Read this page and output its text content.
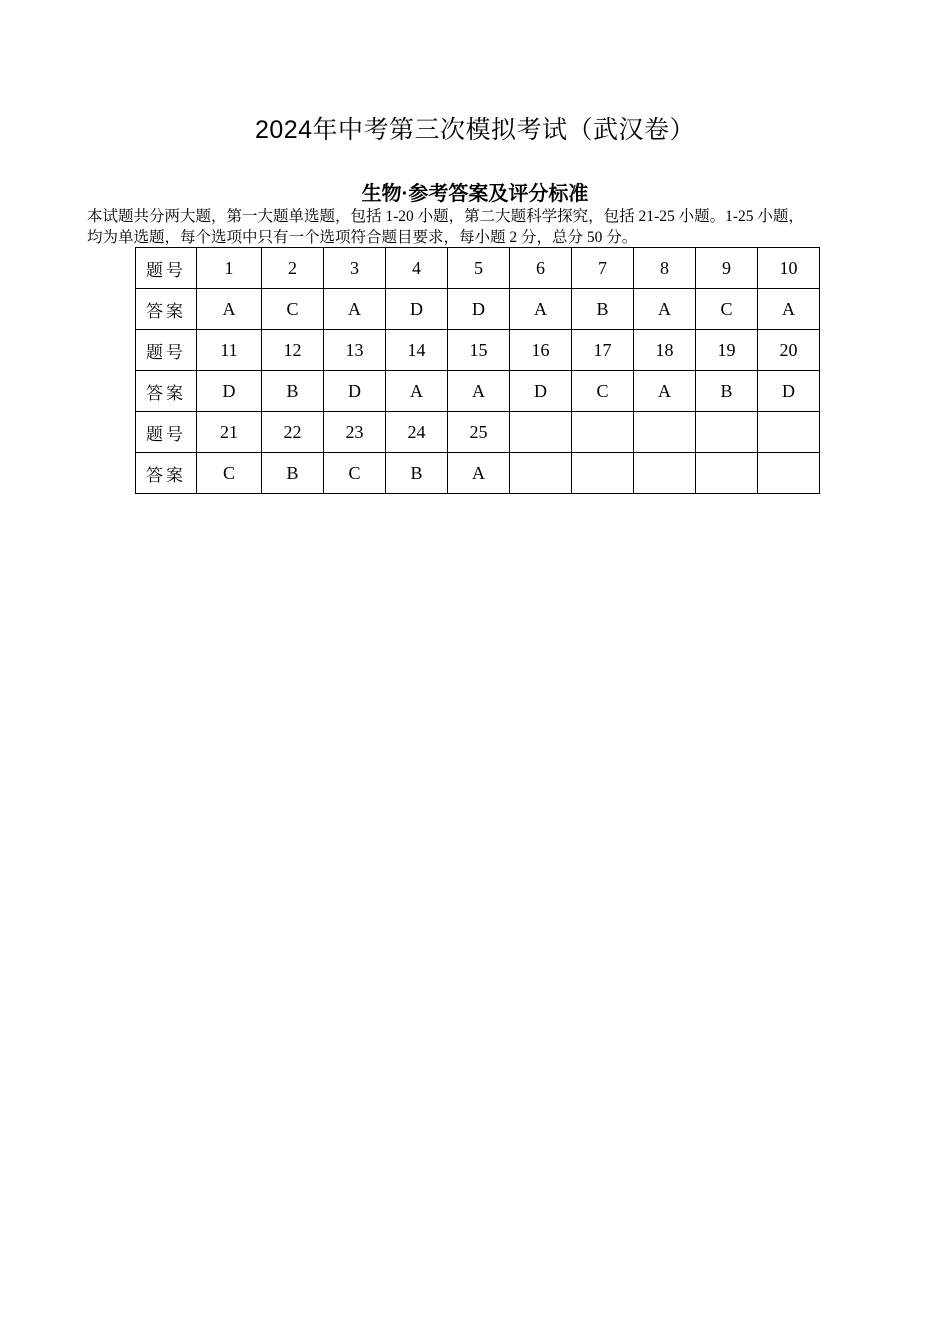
2024年中考第三次模拟考试（武汉卷）
生物·参考答案及评分标准

本试题共分两大题，第一大题单选题，包括 1-20 小题，第二大题科学探究，包括 21-25 小题。1-25 小题，

均为单选题，每个选项中只有一个选项符合题目要求，每小题 2 分，总分 50 分。

题号	1	2	3	4	5	6	7	8	9	10
答案	A	C	A	D	D	A	B	A	C	A
题号	11	12	13	14	15	16	17	18	19	20
答案	D	B	D	A	A	D	C	A	B	D
题号	21	22	23	24	25					
答案	C	B	C	B	A					
